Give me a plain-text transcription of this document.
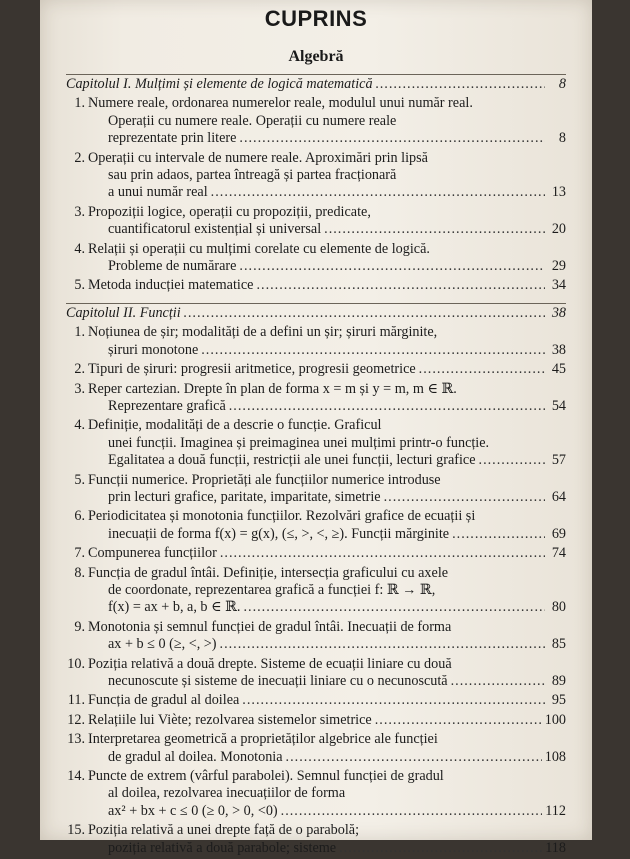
CUPRINS
Algebră
Capitolul I. Mulțimi și elemente de logică matematică .....	8
1. Numere reale, ordonarea numerelor reale, modulul unui număr real.
Operații cu numere reale. Operații cu numere reale
reprezentate prin litere .....	8
2. Operații cu intervale de numere reale. Aproximări prin lipsă
sau prin adaos, partea întreagă și partea fracționară
a unui număr real .....	13
3. Propoziții logice, operații cu propoziții, predicate,
cuantificatorul existențial și universal .....	20
4. Relații și operații cu mulțimi corelate cu elemente de logică.
Probleme de numărare .....	29
5. Metoda inducției matematice .....	34
Capitolul II. Funcții .....	38
1. Noțiunea de șir; modalități de a defini un șir; șiruri mărginite,
șiruri monotone .....	38
2. Tipuri de șiruri: progresii aritmetice, progresii geometrice .....	45
3. Reper cartezian. Drepte în plan de forma x = m și y = m, m ∈ ℝ.
Reprezentare grafică .....	54
4. Definiție, modalități de a descrie o funcție. Graficul
unei funcții. Imaginea și preimaginea unei mulțimi printr-o funcție.
Egalitatea a două funcții, restricții ale unei funcții, lecturi grafice .....	57
5. Funcții numerice. Proprietăți ale funcțiilor numerice introduse
prin lecturi grafice, paritate, imparitate, simetrie .....	64
6. Periodicitatea și monotonia funcțiilor. Rezolvări grafice de ecuații și
inecuații de forma f(x) = g(x), (≤, >, <, ≥). Funcții mărginite .....	69
7. Compunerea funcțiilor .....	74
8. Funcția de gradul întâi. Definiție, intersecția graficului cu axele
de coordonate, reprezentarea grafică a funcției f: ℝ → ℝ,
f(x) = ax + b, a, b ∈ ℝ. .....	80
9. Monotonia și semnul funcției de gradul întâi. Inecuații de forma
ax + b ≤ 0 (≥, <, >) .....	85
10. Poziția relativă a două drepte. Sisteme de ecuații liniare cu două
necunoscute și sisteme de inecuații liniare cu o necunoscută .....	89
11. Funcția de gradul al doilea .....	95
12. Relațiile lui Viète; rezolvarea sistemelor simetrice .....	100
13. Interpretarea geometrică a proprietăților algebrice ale funcției
de gradul al doilea. Monotonia .....	108
14. Puncte de extrem (vârful parabolei). Semnul funcției de gradul
al doilea, rezolvarea inecuațiilor de forma
ax² + bx + c ≤ 0 (≥ 0, > 0, <0) .....	112
15. Poziția relativă a unei drepte față de o parabolă;
poziția relativă a două parabole; sisteme .....	118
